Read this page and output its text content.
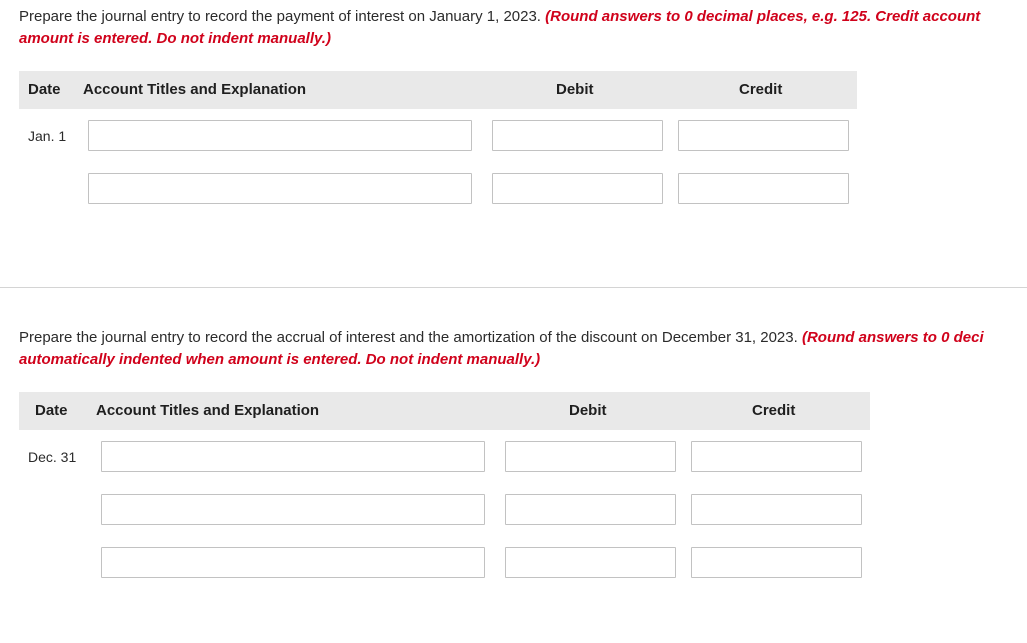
Prepare the journal entry to record the payment of interest on January 1, 2023. (Round answers to 0 decimal places, e.g. 125. Credit account
amount is entered. Do not indent manually.)
Date Account Titles and Explanation	Debit	Credit
Jan. 1
Prepare the journal entry to record the accrual of interest and the amortization of the discount on December 31, 2023. (Round answers to 0 deci
automatically indented when amount is entered. Do not indent manually.)
Date Account Titles and Explanation	Debit	Credit
Dec. 31
